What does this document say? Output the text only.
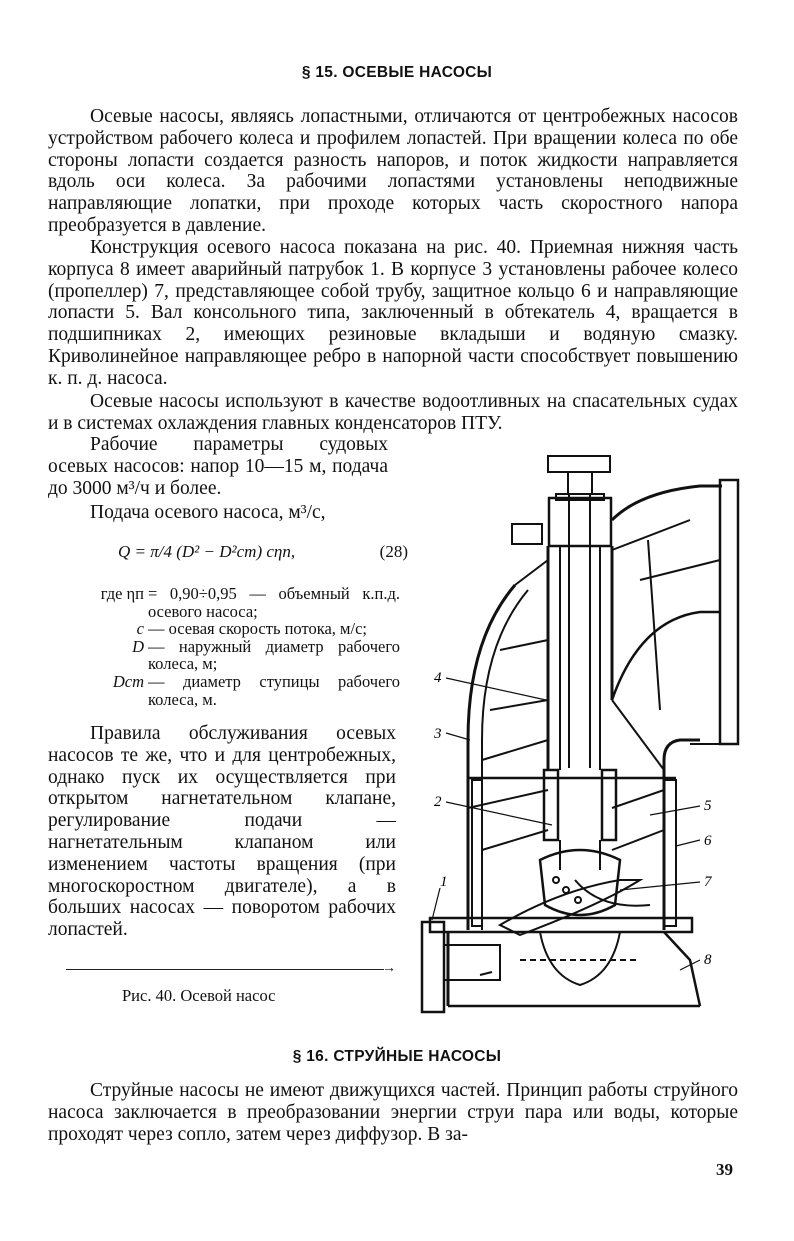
§ 15. ОСЕВЫЕ НАСОСЫ
Осевые насосы, являясь лопастными, отличаются от центробежных насосов устройством рабочего колеса и профилем лопастей. При вращении колеса по обе стороны лопасти создается разность напоров, и поток жидкости направляется вдоль оси колеса. За рабочими лопастями установлены неподвижные направляющие лопатки, при проходе которых часть скоростного напора преобразуется в давление.
Конструкция осевого насоса показана на рис. 40. Приемная нижняя часть корпуса 8 имеет аварийный патрубок 1. В корпусе 3 установлены рабочее колесо (пропеллер) 7, представляющее собой трубу, защитное кольцо 6 и направляющие лопасти 5. Вал консольного типа, заключенный в обтекатель 4, вращается в подшипниках 2, имеющих резиновые вкладыши и водяную смазку. Криволинейное направляющее ребро в напорной части способствует повышению к. п. д. насоса.
Осевые насосы используют в качестве водоотливных на спасательных судах и в системах охлаждения главных конденсаторов ПТУ.
Рабочие параметры судовых осевых насосов: напор 10—15 м, подача до 3000 м³/ч и более.
Подача осевого насоса, м³/с,
Q = π/4 (D² − D²ст) cηп,	(28)
где ηп = 0,90÷0,95 — объемный к.п.д. осевого насоса;
c — осевая скорость потока, м/с;
D — наружный диаметр рабочего колеса, м;
Dст — диаметр ступицы рабочего колеса, м.
Правила обслуживания осевых насосов те же, что и для центробежных, однако пуск их осуществляется при открытом нагнетательном клапане, регулирование подачи — нагнетательным клапаном или изменением частоты вращения (при многоскоростном двигателе), а в больших насосах — поворотом рабочих лопастей.
→
Рис. 40. Осевой насос
4
3
2
1
5
6
7
8
§ 16. СТРУЙНЫЕ НАСОСЫ
Струйные насосы не имеют движущихся частей. Принцип работы струйного насоса заключается в преобразовании энергии струи пара или воды, которые проходят через сопло, затем через диффузор. В за-
39
